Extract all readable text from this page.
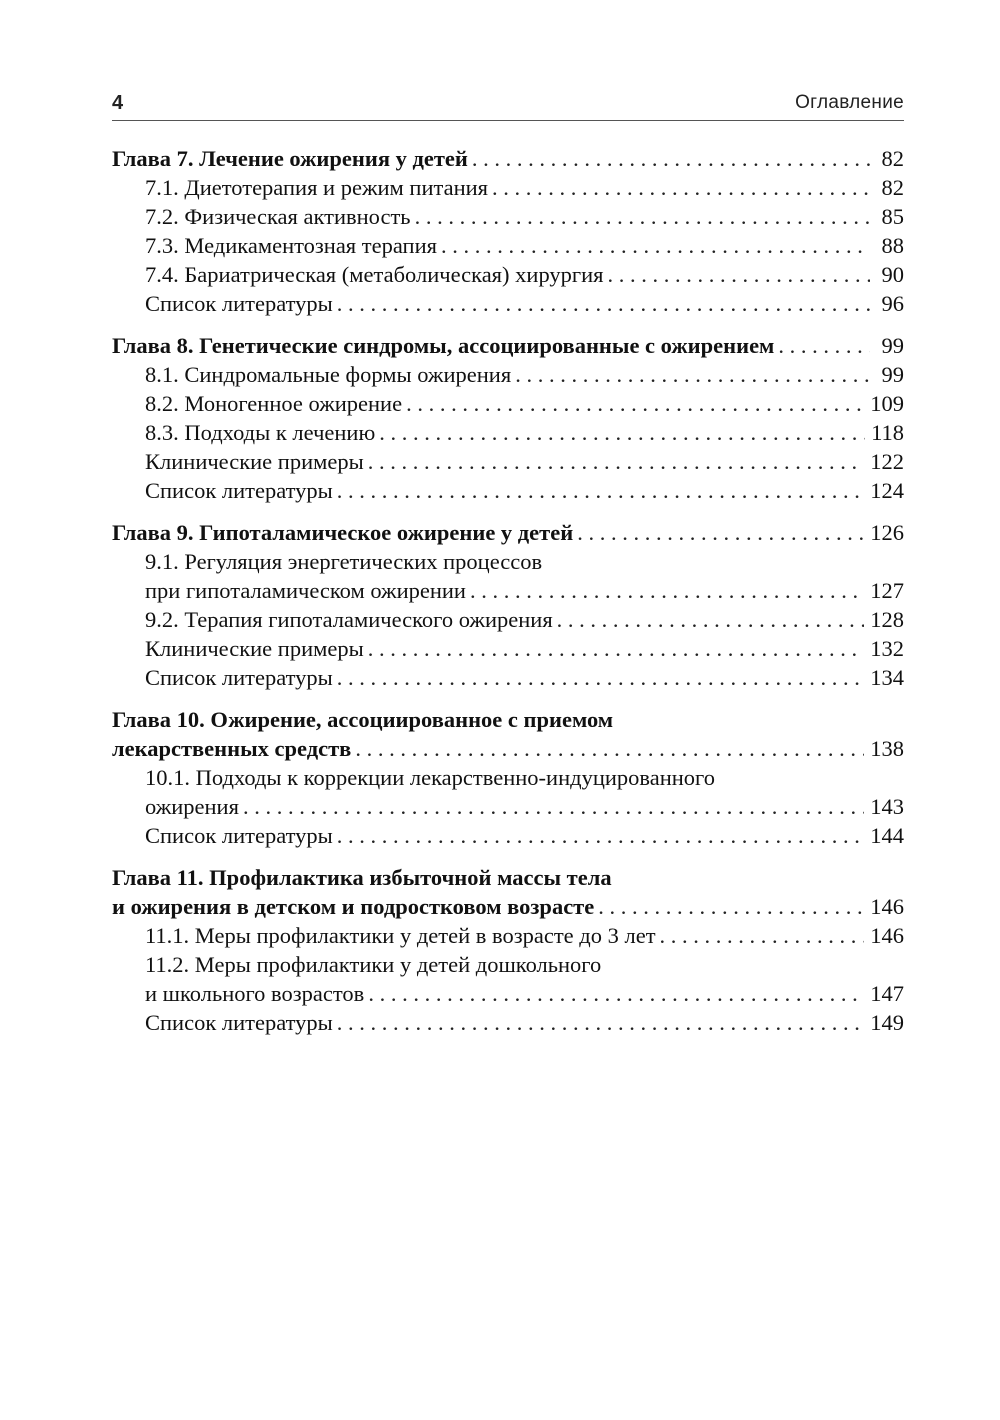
4	Оглавление
Глава 7. Лечение ожирения у детей . . .	82
7.1. Диетотерапия и режим питания . . .	82
7.2. Физическая активность . . .	85
7.3. Медикаментозная терапия . . .	88
7.4. Бариатрическая (метаболическая) хирургия . . .	90
Список литературы . . .	96
Глава 8. Генетические синдромы, ассоциированные с ожирением . . .	99
8.1. Синдромальные формы ожирения . . .	99
8.2. Моногенное ожирение . . .	109
8.3. Подходы к лечению . . .	118
Клинические примеры . . .	122
Список литературы . . .	124
Глава 9. Гипоталамическое ожирение у детей . . .	126
9.1. Регуляция энергетических процессов
при гипоталамическом ожирении . . .	127
9.2. Терапия гипоталамического ожирения . . .	128
Клинические примеры . . .	132
Список литературы . . .	134
Глава 10. Ожирение, ассоциированное с приемом
лекарственных средств . . .	138
10.1. Подходы к коррекции лекарственно-индуцированного
ожирения . . .	143
Список литературы . . .	144
Глава 11. Профилактика избыточной массы тела
и ожирения в детском и подростковом возрасте . . .	146
11.1. Меры профилактики у детей в возрасте до 3 лет . . .	146
11.2. Меры профилактики у детей дошкольного
и школьного возрастов . . .	147
Список литературы . . .	149
